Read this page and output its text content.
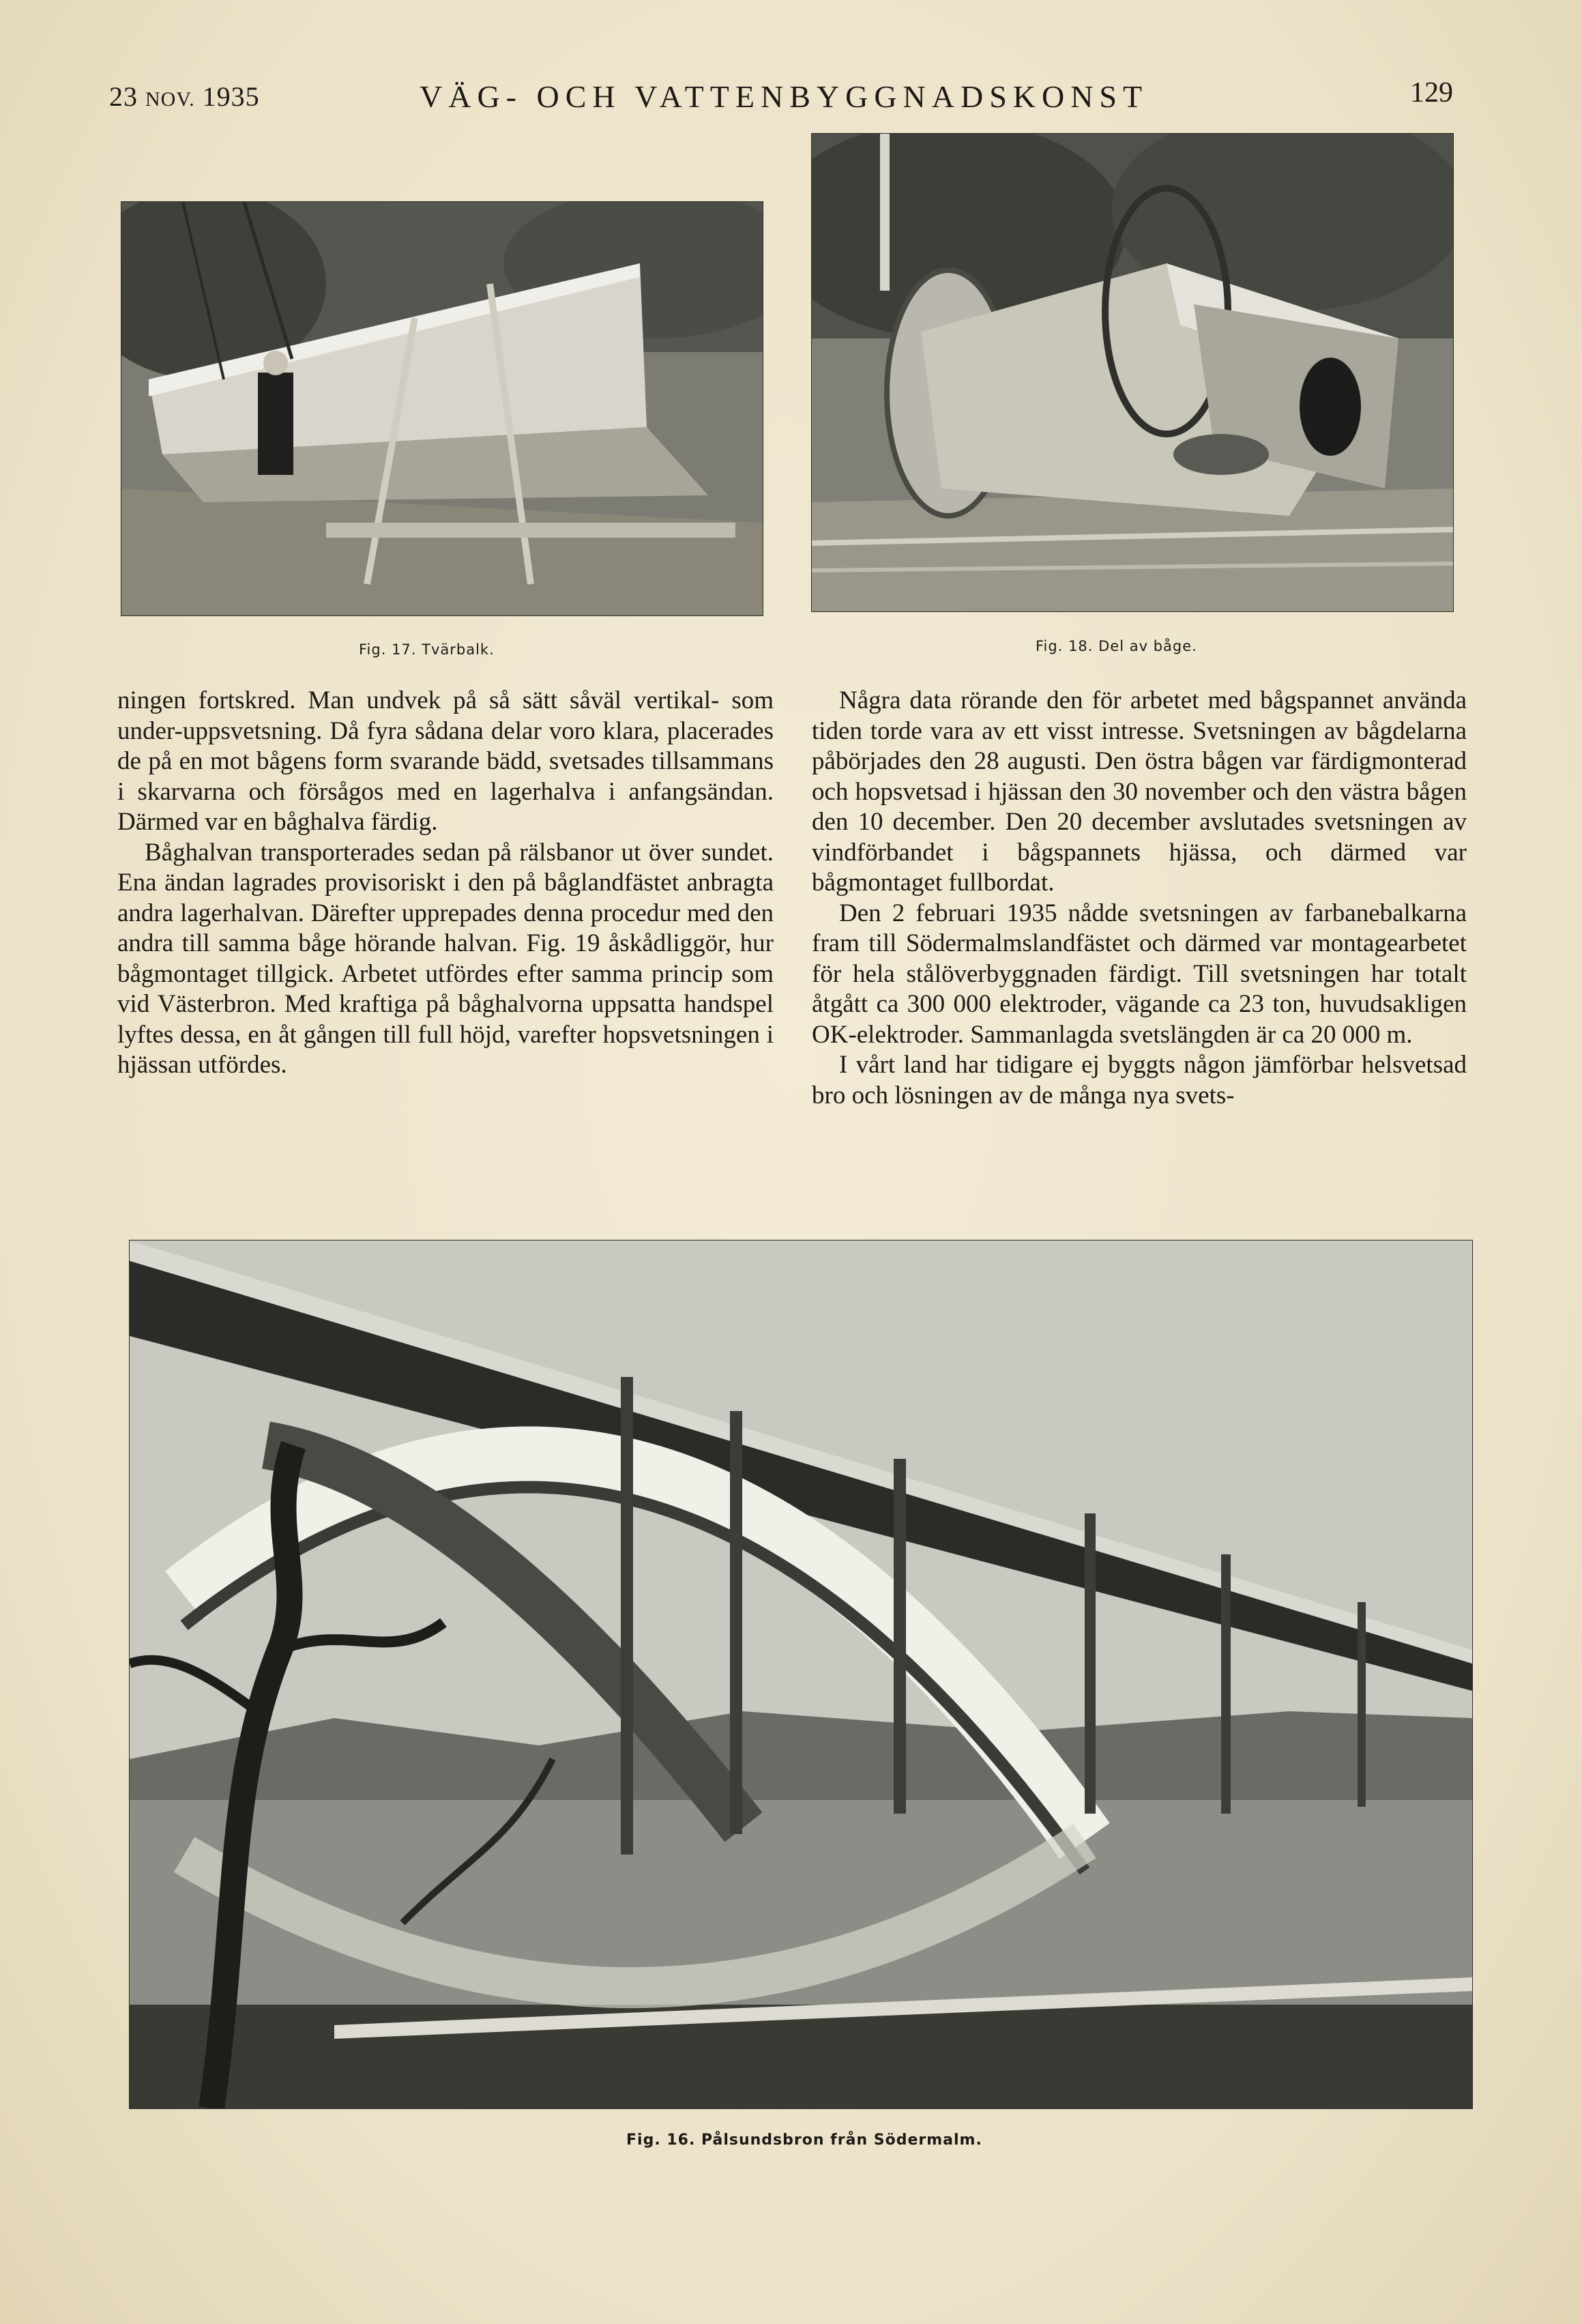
23 NOV. 1935	VÄG- OCH VATTENBYGGNADSKONST	129
Fig. 17. Tvärbalk.	Fig. 18. Del av båge.

ningen fortskred. Man undvek på så sätt såväl vertikal- som under-uppsvetsning. Då fyra sådana delar voro klara, placerades de på en mot bågens form svarande bädd, svetsades tillsammans i skarvarna och försågos med en lagerhalva i anfangsändan. Därmed var en båghalva färdig.

Båghalvan transporterades sedan på rälsbanor ut över sundet. Ena ändan lagrades provisoriskt i den på båglandfästet anbragta andra lagerhalvan. Därefter upprepades denna procedur med den andra till samma båge hörande halvan. Fig. 19 åskådliggör, hur bågmontaget tillgick. Arbetet utfördes efter samma princip som vid Västerbron. Med kraftiga på båghalvorna uppsatta handspel lyftes dessa, en åt gången till full höjd, varefter hopsvetsningen i hjässan utfördes.

Några data rörande den för arbetet med bågspannet använda tiden torde vara av ett visst intresse. Svetsningen av bågdelarna påbörjades den 28 augusti. Den östra bågen var färdigmonterad och hopsvetsad i hjässan den 30 november och den västra bågen den 10 december. Den 20 december avslutades svetsningen av vindförbandet i bågspannets hjässa, och därmed var bågmontaget fullbordat.

Den 2 februari 1935 nådde svetsningen av farbanebalkarna fram till Södermalmslandfästet och därmed var montagearbetet för hela stålöverbyggnaden färdigt. Till svetsningen har totalt åtgått ca 300 000 elektroder, vägande ca 23 ton, huvudsakligen OK-elektroder. Sammanlagda svetslängden är ca 20 000 m.

I vårt land har tidigare ej byggts någon jämförbar helsvetsad bro och lösningen av de många nya svets-

Fig. 16. Pålsundsbron från Södermalm.
